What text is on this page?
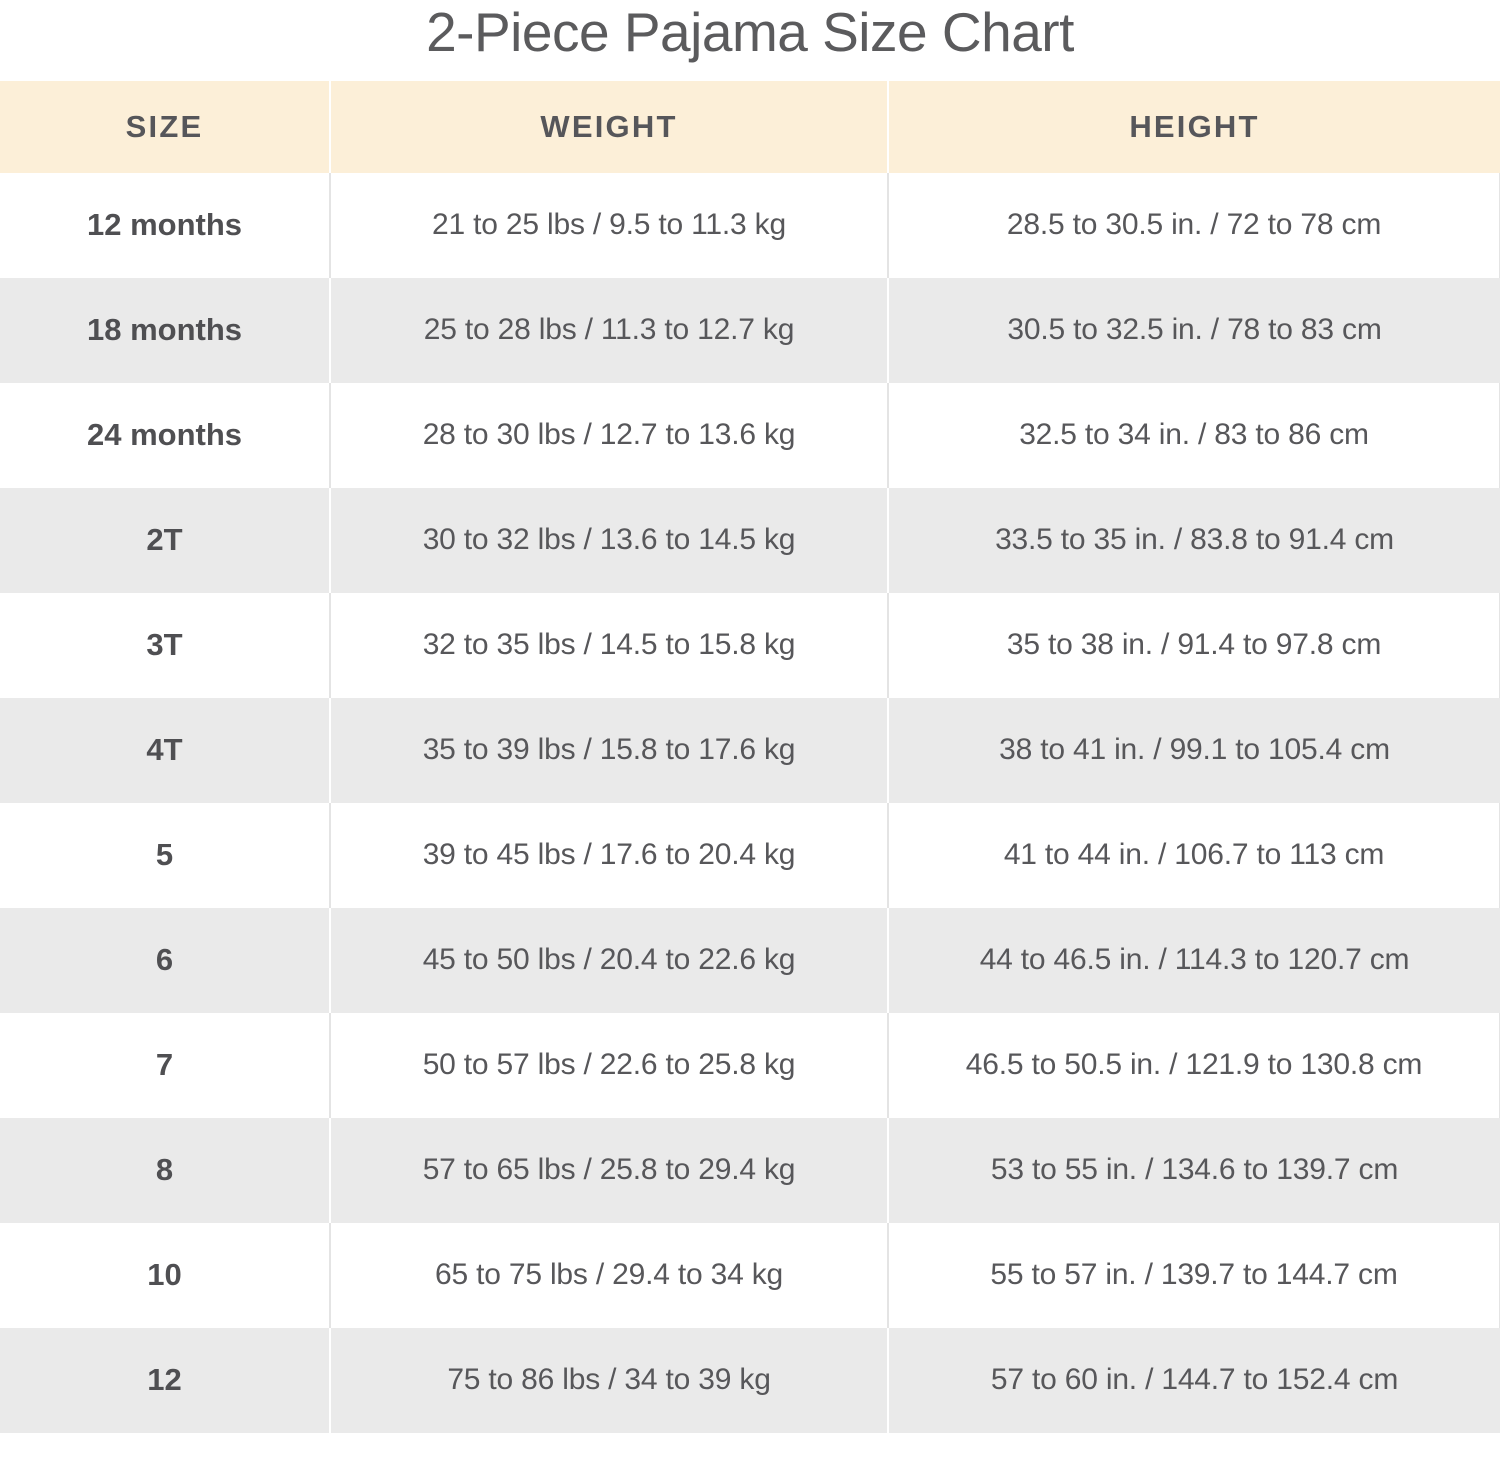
2-Piece Pajama Size Chart
SIZE	WEIGHT	HEIGHT
12 months	21 to 25 lbs / 9.5 to 11.3 kg	28.5 to 30.5 in. / 72 to 78 cm
18 months	25 to 28 lbs / 11.3 to 12.7 kg	30.5 to 32.5 in. / 78 to 83 cm
24 months	28 to 30 lbs / 12.7 to 13.6 kg	32.5 to 34 in. / 83 to 86 cm
2T	30 to 32 lbs / 13.6 to 14.5 kg	33.5 to 35 in. / 83.8 to 91.4 cm
3T	32 to 35 lbs / 14.5 to 15.8 kg	35 to 38 in. / 91.4 to 97.8 cm
4T	35 to 39 lbs / 15.8 to 17.6 kg	38 to 41 in. / 99.1 to 105.4 cm
5	39 to 45 lbs / 17.6 to 20.4 kg	41 to 44 in. / 106.7 to 113 cm
6	45 to 50 lbs / 20.4 to 22.6 kg	44 to 46.5 in. / 114.3 to 120.7 cm
7	50 to 57 lbs / 22.6 to 25.8 kg	46.5 to 50.5 in. / 121.9 to 130.8 cm
8	57 to 65 lbs / 25.8 to 29.4 kg	53 to 55 in. / 134.6 to 139.7 cm
10	65 to 75 lbs / 29.4 to 34 kg	55 to 57 in. / 139.7 to 144.7 cm
12	75 to 86 lbs / 34 to 39 kg	57 to 60 in. / 144.7 to 152.4 cm
